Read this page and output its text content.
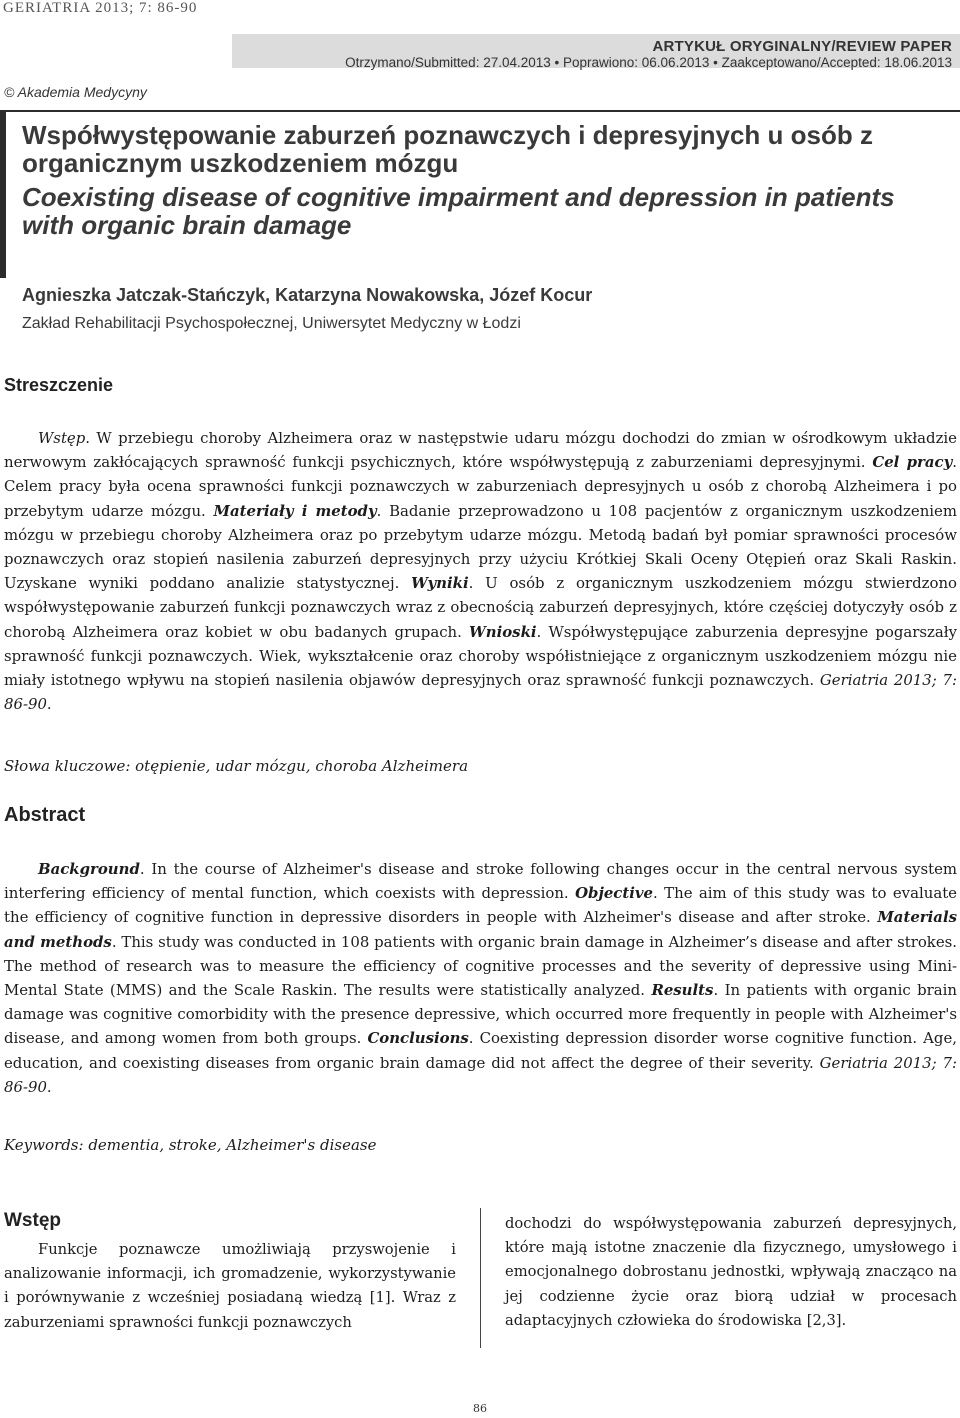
GERIATRIA 2013; 7: 86-90
ARTYKUŁ ORYGINALNY/REVIEW PAPER
Otrzymano/Submitted: 27.04.2013 • Poprawiono: 06.06.2013 • Zaakceptowano/Accepted: 18.06.2013
© Akademia Medycyny
Współwystępowanie zaburzeń poznawczych i depresyjnych u osób z organicznym uszkodzeniem mózgu
Coexisting disease of cognitive impairment and depression in patients with organic brain damage
Agnieszka Jatczak-Stańczyk, Katarzyna Nowakowska, Józef Kocur
Zakład Rehabilitacji Psychospołecznej, Uniwersytet Medyczny w Łodzi
Streszczenie

Wstęp. W przebiegu choroby Alzheimera oraz w następstwie udaru mózgu dochodzi do zmian w ośrodkowym układzie nerwowym zakłócających sprawność funkcji psychicznych, które współwystępują z zaburzeniami depresyjnymi. Cel pracy. Celem pracy była ocena sprawności funkcji poznawczych w zaburzeniach depresyjnych u osób z chorobą Alzheimera i po przebytym udarze mózgu. Materiały i metody. Badanie przeprowadzono u 108 pacjentów z organicznym uszkodzeniem mózgu w przebiegu choroby Alzheimera oraz po przebytym udarze mózgu. Metodą badań był pomiar sprawności procesów poznawczych oraz stopień nasilenia zaburzeń depresyjnych przy użyciu Krótkiej Skali Oceny Otępień oraz Skali Raskin. Uzyskane wyniki poddano analizie statystycznej. Wyniki. U osób z organicznym uszkodzeniem mózgu stwierdzono współwystępowanie zaburzeń funkcji poznawczych wraz z obecnością zaburzeń depresyjnych, które częściej dotyczyły osób z chorobą Alzheimera oraz kobiet w obu badanych grupach. Wnioski. Współwystępujące zaburzenia depresyjne pogarszały sprawność funkcji poznawczych. Wiek, wykształcenie oraz choroby współistniejące z organicznym uszkodzeniem mózgu nie miały istotnego wpływu na stopień nasilenia objawów depresyjnych oraz sprawność funkcji poznawczych. Geriatria 2013; 7: 86-90.

Słowa kluczowe: otępienie, udar mózgu, choroba Alzheimera
Abstract

Background. In the course of Alzheimer's disease and stroke following changes occur in the central nervous system interfering efficiency of mental function, which coexists with depression. Objective. The aim of this study was to evaluate the efficiency of cognitive function in depressive disorders in people with Alzheimer's disease and after stroke. Materials and methods. This study was conducted in 108 patients with organic brain damage in Alzheimer’s disease and after strokes. The method of research was to measure the efficiency of cognitive processes and the severity of depressive using Mini-Mental State (MMS) and the Scale Raskin. The results were statistically analyzed. Results. In patients with organic brain damage was cognitive comorbidity with the presence depressive, which occurred more frequently in people with Alzheimer's disease, and among women from both groups. Conclusions. Coexisting depression disorder worse cognitive function. Age, education, and coexisting diseases from organic brain damage did not affect the degree of their severity. Geriatria 2013; 7: 86-90.

Keywords: dementia, stroke, Alzheimer's disease
Wstęp

Funkcje poznawcze umożliwiają przyswojenie i analizowanie informacji, ich gromadzenie, wykorzystywanie i porównywanie z wcześniej posiadaną wiedzą [1]. Wraz z zaburzeniami sprawności funkcji poznawczych

dochodzi do współwystępowania zaburzeń depresyjnych, które mają istotne znaczenie dla fizycznego, umysłowego i emocjonalnego dobrostanu jednostki, wpływają znacząco na jej codzienne życie oraz biorą udział w procesach adaptacyjnych człowieka do środowiska [2,3].

86
